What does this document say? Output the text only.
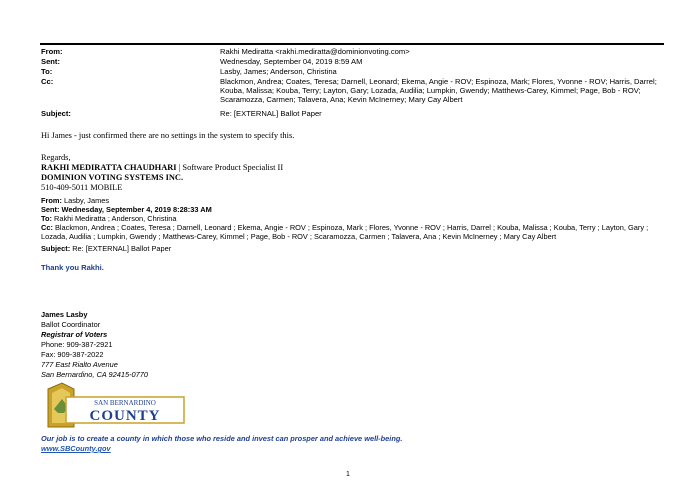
From:	Rakhi Mediratta <rakhi.mediratta@dominionvoting.com>
Sent:	Wednesday, September 04, 2019 8:59 AM
To:	Lasby, James; Anderson, Christina
Cc:	Blackmon, Andrea; Coates, Teresa; Darnell, Leonard; Ekema, Angie - ROV; Espinoza, Mark; Flores, Yvonne - ROV; Harris, Darrel; Kouba, Malissa; Kouba, Terry; Layton, Gary; Lozada, Audilia; Lumpkin, Gwendy; Matthews-Carey, Kimmel; Page, Bob - ROV; Scaramozza, Carmen; Talavera, Ana; Kevin McInerney; Mary Cay Albert
Subject:	Re: [EXTERNAL] Ballot Paper
Hi James - just confirmed there are no settings in the system to specify this.
Regards,
RAKHI MEDIRATTA CHAUDHARI | Software Product Specialist II
DOMINION VOTING SYSTEMS INC.
510-409-5011 MOBILE
From: Lasby, James
Sent: Wednesday, September 4, 2019 8:28:33 AM
To: Rakhi Mediratta ; Anderson, Christina
Cc: Blackmon, Andrea ; Coates, Teresa ; Darnell, Leonard ; Ekema, Angie - ROV ; Espinoza, Mark ; Flores, Yvonne - ROV ; Harris, Darrel ; Kouba, Malissa ; Kouba, Terry ; Layton, Gary ; Lozada, Audilia ; Lumpkin, Gwendy ; Matthews-Carey, Kimmel ; Page, Bob - ROV ; Scaramozza, Carmen ; Talavera, Ana ; Kevin McInerney ; Mary Cay Albert
Subject: Re: [EXTERNAL] Ballot Paper
Thank you Rakhi.
James Lasby
Ballot Coordinator
Registrar of Voters
Phone: 909-387-2921
Fax: 909-387-2022
777 East Rialto Avenue
San Bernardino, CA 92415-0770
SAN BERNARDINO
COUNTY
Our job is to create a county in which those who reside and invest can prosper and achieve well-being.
www.SBCounty.gov
1
